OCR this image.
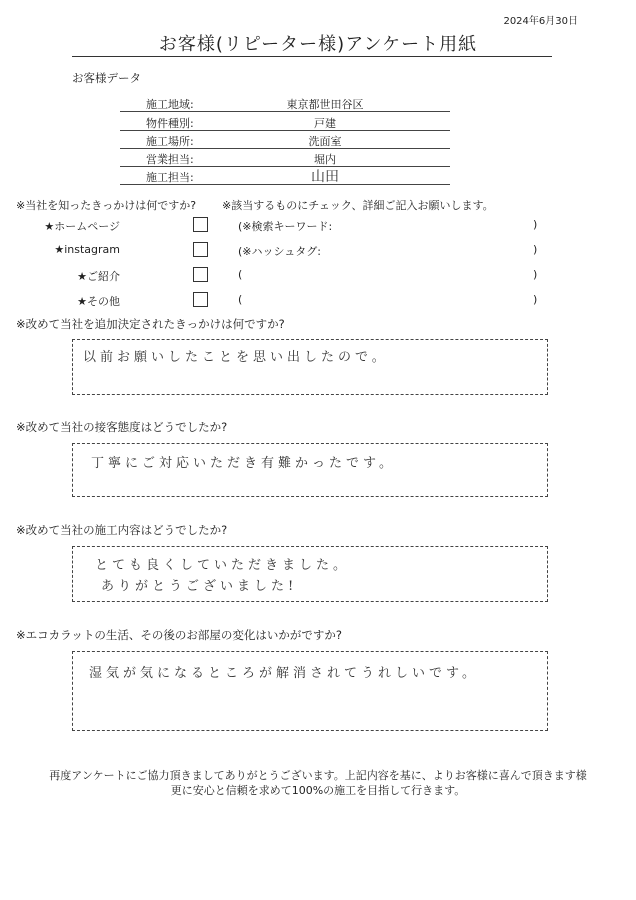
2024年6月30日
お客様(リピーター様)アンケート用紙
お客様データ
施工地域:	東京都世田谷区
物件種別:	戸建
施工場所:	洗面室
営業担当:	堀内
施工担当:	山田
※当社を知ったきっかけは何ですか? ※該当するものにチェック、詳細ご記入お願いします。
★ホームページ	(※検索キーワード:	)
★instagram	(※ハッシュタグ:	)
★ご紹介	(	)
★その他	(	)
※改めて当社を追加決定されたきっかけは何ですか?
以前お願いしたことを思い出したので。
※改めて当社の接客態度はどうでしたか?
丁寧にご対応いただき有難かったです。
※改めて当社の施工内容はどうでしたか?
とても良くしていただきました。
ありがとうございました!
※エコカラットの生活、その後のお部屋の変化はいかがですか?
湿気が気になるところが解消されてうれしいです。
再度アンケートにご協力頂きましてありがとうございます。上記内容を基に、よりお客様に喜んで頂きます様
更に安心と信頼を求めて100%の施工を目指して行きます。
